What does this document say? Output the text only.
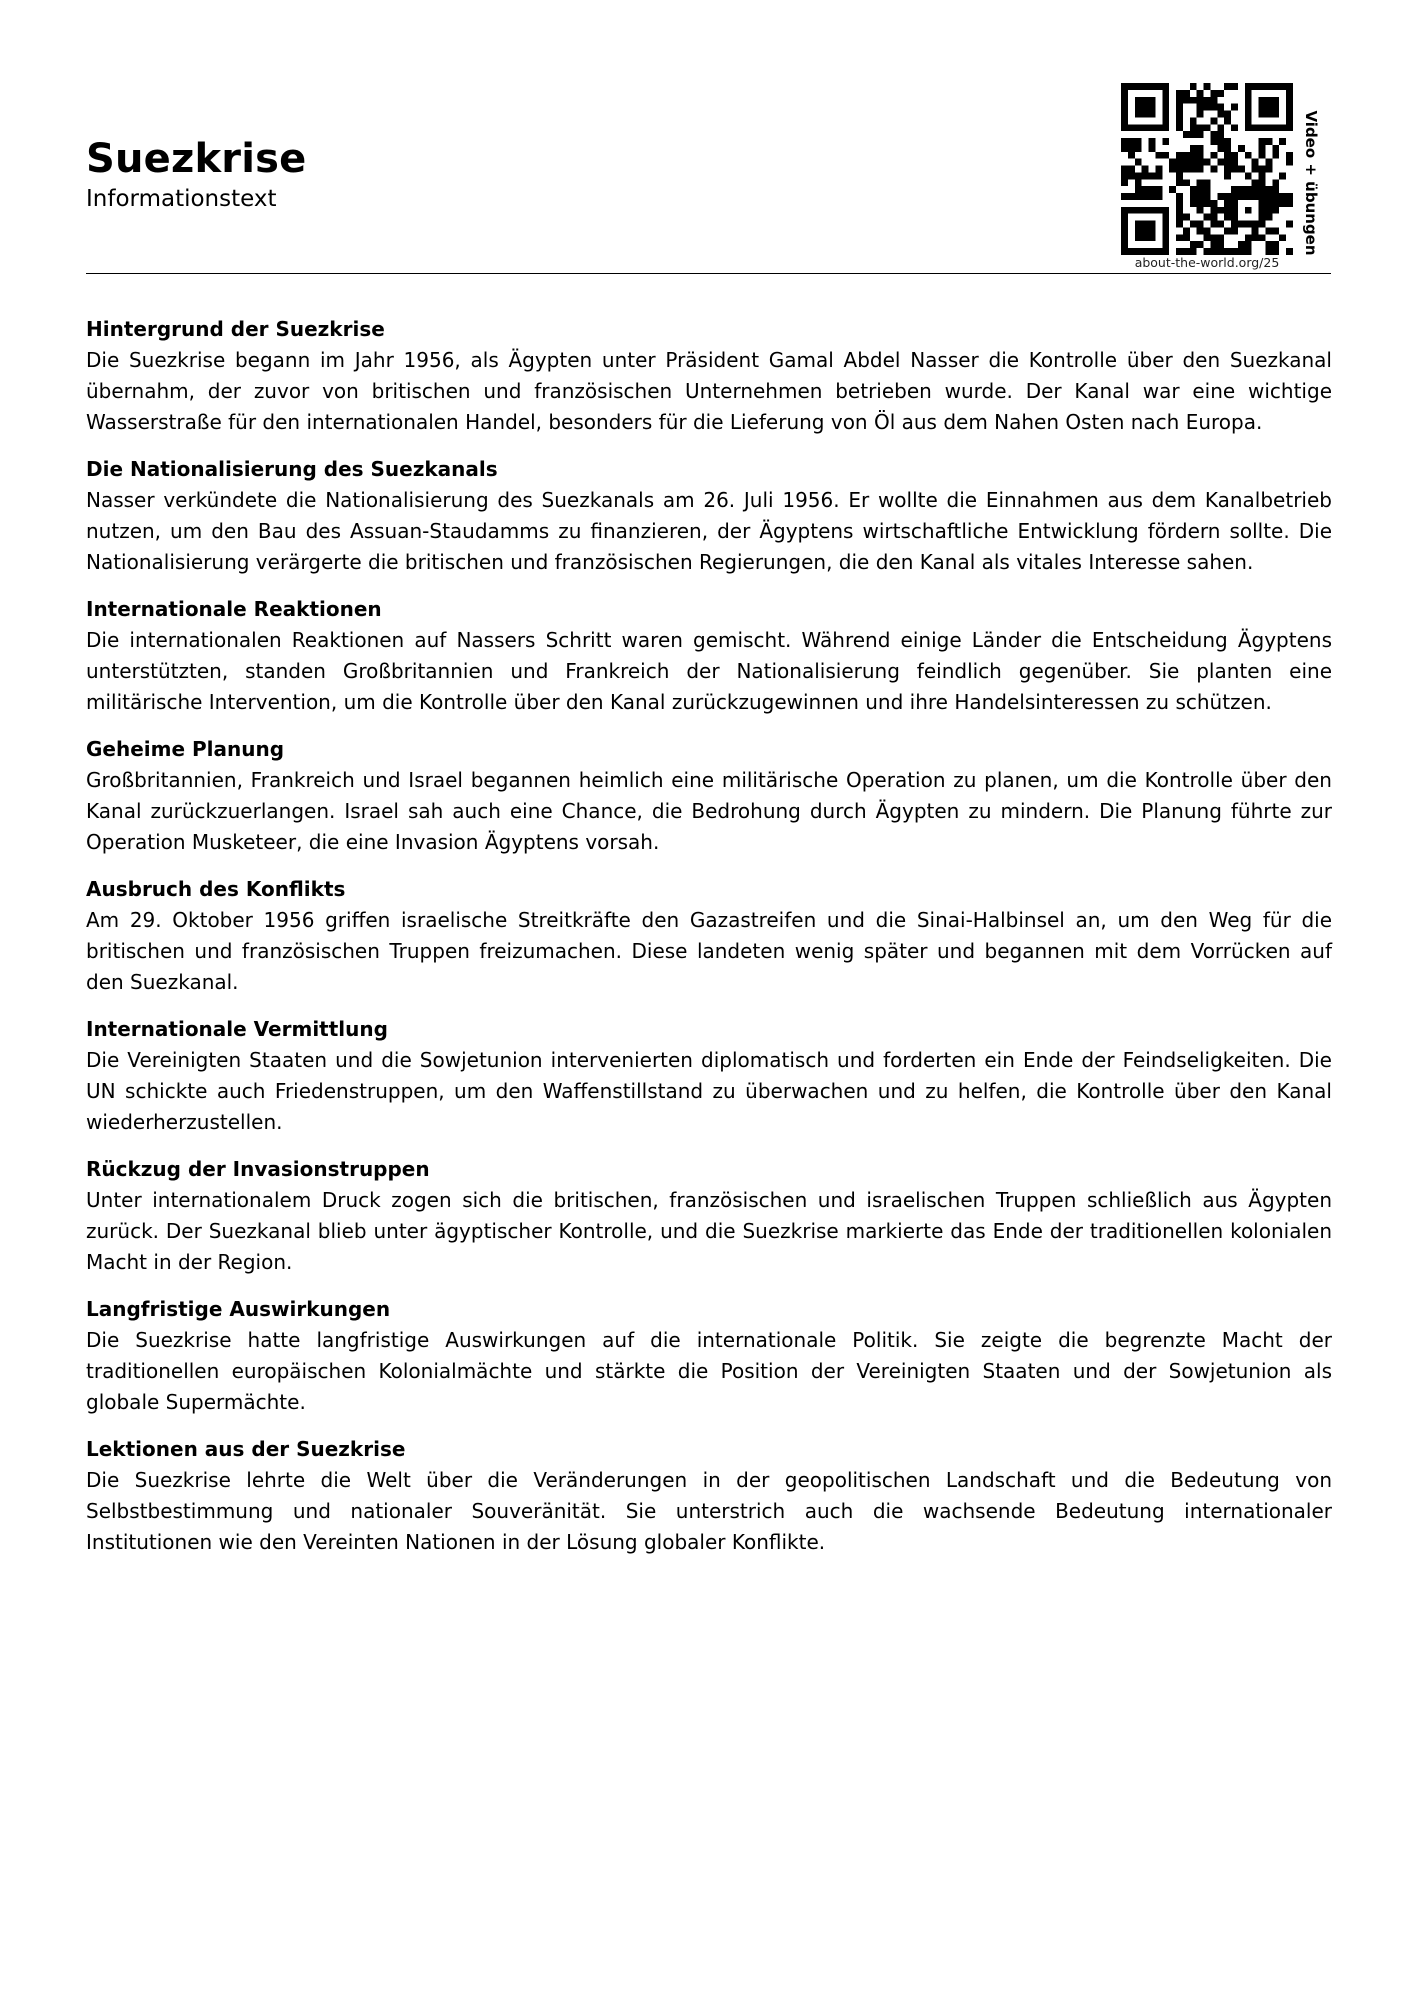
Suezkrise
Informationstext
about-the-world.org/25
Video + übungen
Hintergrund der Suezkrise
Die Suezkrise begann im Jahr 1956, als Ägypten unter Präsident Gamal Abdel Nasser die Kontrolle über den Suezkanal übernahm, der zuvor von britischen und französischen Unternehmen betrieben wurde. Der Kanal war eine wichtige Wasserstraße für den internationalen Handel, besonders für die Lieferung von Öl aus dem Nahen Osten nach Europa.
Die Nationalisierung des Suezkanals
Nasser verkündete die Nationalisierung des Suezkanals am 26. Juli 1956. Er wollte die Einnahmen aus dem Kanalbetrieb nutzen, um den Bau des Assuan-Staudamms zu finanzieren, der Ägyptens wirtschaftliche Entwicklung fördern sollte. Die Nationalisierung verärgerte die britischen und französischen Regierungen, die den Kanal als vitales Interesse sahen.
Internationale Reaktionen
Die internationalen Reaktionen auf Nassers Schritt waren gemischt. Während einige Länder die Entscheidung Ägyptens unterstützten, standen Großbritannien und Frankreich der Nationalisierung feindlich gegenüber. Sie planten eine militärische Intervention, um die Kontrolle über den Kanal zurückzugewinnen und ihre Handelsinteressen zu schützen.
Geheime Planung
Großbritannien, Frankreich und Israel begannen heimlich eine militärische Operation zu planen, um die Kontrolle über den Kanal zurückzuerlangen. Israel sah auch eine Chance, die Bedrohung durch Ägypten zu mindern. Die Planung führte zur Operation Musketeer, die eine Invasion Ägyptens vorsah.
Ausbruch des Konflikts
Am 29. Oktober 1956 griffen israelische Streitkräfte den Gazastreifen und die Sinai-Halbinsel an, um den Weg für die britischen und französischen Truppen freizumachen. Diese landeten wenig später und begannen mit dem Vorrücken auf den Suezkanal.
Internationale Vermittlung
Die Vereinigten Staaten und die Sowjetunion intervenierten diplomatisch und forderten ein Ende der Feindseligkeiten. Die UN schickte auch Friedenstruppen, um den Waffenstillstand zu überwachen und zu helfen, die Kontrolle über den Kanal wiederherzustellen.
Rückzug der Invasionstruppen
Unter internationalem Druck zogen sich die britischen, französischen und israelischen Truppen schließlich aus Ägypten zurück. Der Suezkanal blieb unter ägyptischer Kontrolle, und die Suezkrise markierte das Ende der traditionellen kolonialen Macht in der Region.
Langfristige Auswirkungen
Die Suezkrise hatte langfristige Auswirkungen auf die internationale Politik. Sie zeigte die begrenzte Macht der traditionellen europäischen Kolonialmächte und stärkte die Position der Vereinigten Staaten und der Sowjetunion als globale Supermächte.
Lektionen aus der Suezkrise
Die Suezkrise lehrte die Welt über die Veränderungen in der geopolitischen Landschaft und die Bedeutung von Selbstbestimmung und nationaler Souveränität. Sie unterstrich auch die wachsende Bedeutung internationaler Institutionen wie den Vereinten Nationen in der Lösung globaler Konflikte.
